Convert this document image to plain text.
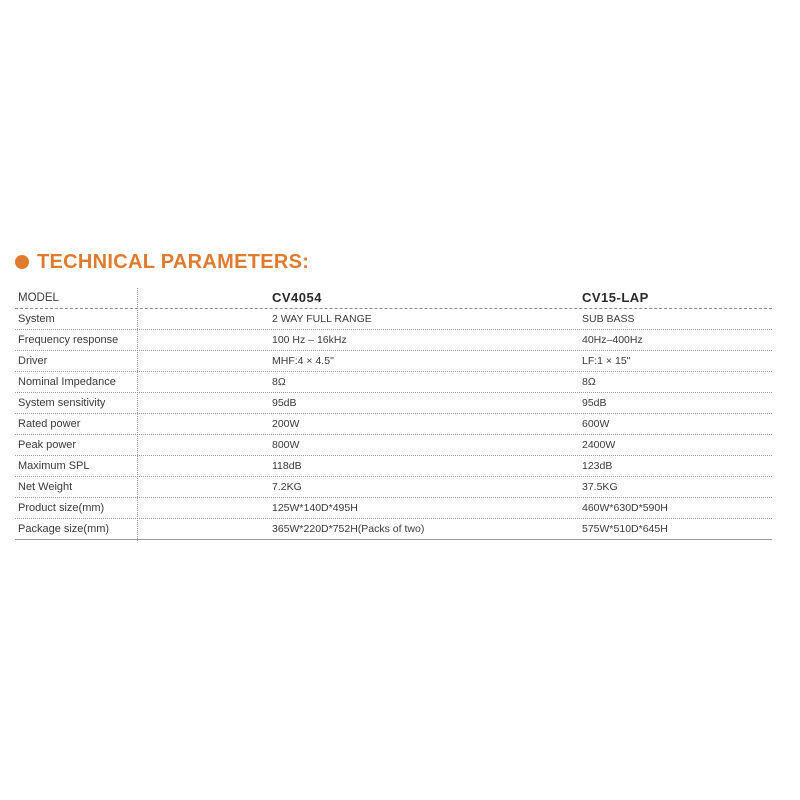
TECHNICAL PARAMETERS:
MODEL	CV4054	CV15-LAP
System	2 WAY FULL RANGE	SUB BASS
Frequency response	100 Hz – 16kHz	40Hz–400Hz
Driver	MHF:4 × 4.5"	LF:1 × 15"
Nominal Impedance	8Ω	8Ω
System sensitivity	95dB	95dB
Rated power	200W	600W
Peak power	800W	2400W
Maximum SPL	118dB	123dB
Net Weight	7.2KG	37.5KG
Product size(mm)	125W*140D*495H	460W*630D*590H
Package size(mm)	365W*220D*752H(Packs of two)	575W*510D*645H
